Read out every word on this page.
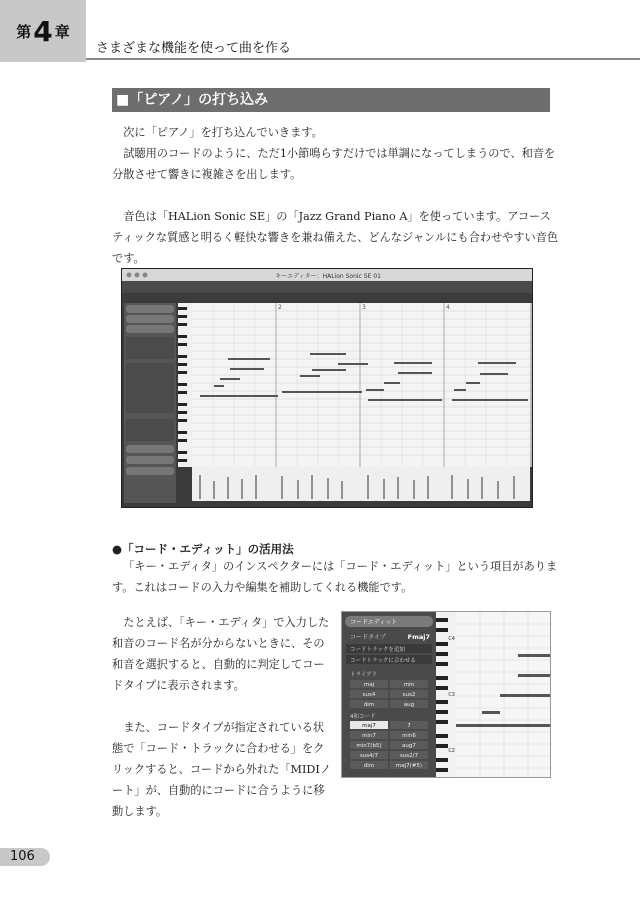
第 4 章
さまざまな機能を使って曲を作る
■「ピアノ」の打ち込み

次に「ピアノ」を打ち込んでいきます。

試聴用のコードのように、ただ1小節鳴らすだけでは単調になってしまうので、和音を分散させて響きに複雑さを出します。

音色は「HALion Sonic SE」の「Jazz Grand Piano A」を使っています。アコースティックな質感と明るく軽快な響きを兼ね備えた、どんなジャンルにも合わせやすい音色です。

キーエディター：HALion Sonic SE 01
2	3	4
●「コード・エディット」の活用法

「キー・エディタ」のインスペクターには「コード・エディット」という項目があります。これはコードの入力や編集を補助してくれる機能です。

たとえば、「キー・エディタ」で入力した和音のコード名が分からないときに、その和音を選択すると、自動的に判定してコードタイプに表示されます。

また、コードタイプが指定されている状態で「コード・トラックに合わせる」をクリックすると、コードから外れた「MIDIノート」が、自動的にコードに合うように移動します。

コードエディット
コードタイプ	Fmaj7
コードトラックを追加
コードトラックに合わせる
トライアド
maj	min
sus4	sus2
dim	aug
4和コード
maj7	7
min7	min6
min7(b5)	aug7
sus4/7	sus2/7
dim	maj7(#5)
C4
C3
C2
106
